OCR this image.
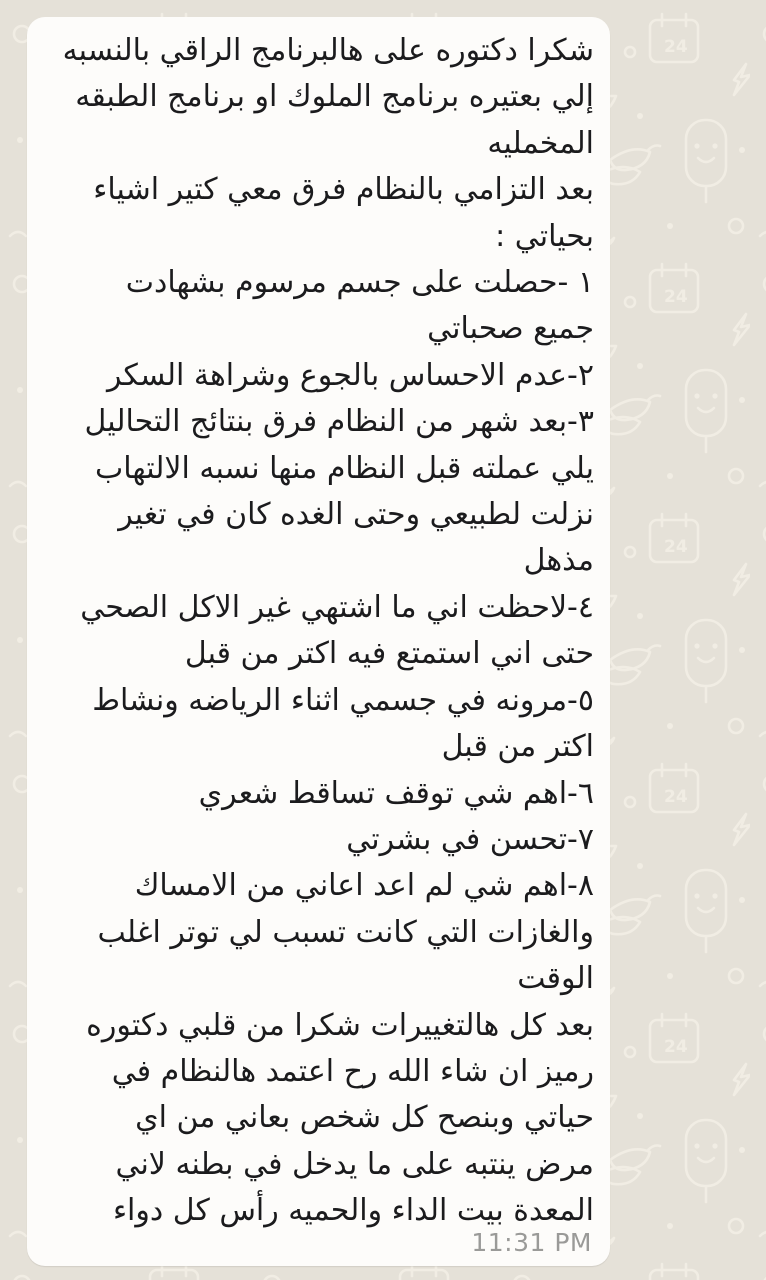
شكرا دكتوره على هالبرنامج الراقي بالنسبه
إلي بعتيره برنامج الملوك او برنامج الطبقه
المخمليه
بعد التزامي بالنظام فرق معي كتير اشياء
بحياتي :
١ -حصلت على جسم مرسوم بشهادت
جميع صحباتي
٢-عدم الاحساس بالجوع وشراهة السكر
٣-بعد شهر من النظام فرق بنتائج التحاليل
يلي عملته قبل النظام منها نسبه الالتهاب
نزلت لطبيعي وحتى الغده كان في تغير
مذهل
٤-لاحظت اني ما اشتهي غير الاكل الصحي
حتى اني استمتع فيه اكتر من قبل
٥-مرونه في جسمي اثناء الرياضه ونشاط
اكتر من قبل
٦-اهم شي توقف تساقط شعري
٧-تحسن في بشرتي
٨-اهم شي لم اعد اعاني من الامساك
والغازات التي كانت تسبب لي توتر اغلب
الوقت
بعد كل هالتغييرات شكرا من قلبي دكتوره
رميز ان شاء الله رح اعتمد هالنظام في
حياتي وبنصح كل شخص بعاني من اي
مرض ينتبه على ما يدخل في بطنه لاني
المعدة بيت الداء والحميه رأس كل دواء
11:31 PM
